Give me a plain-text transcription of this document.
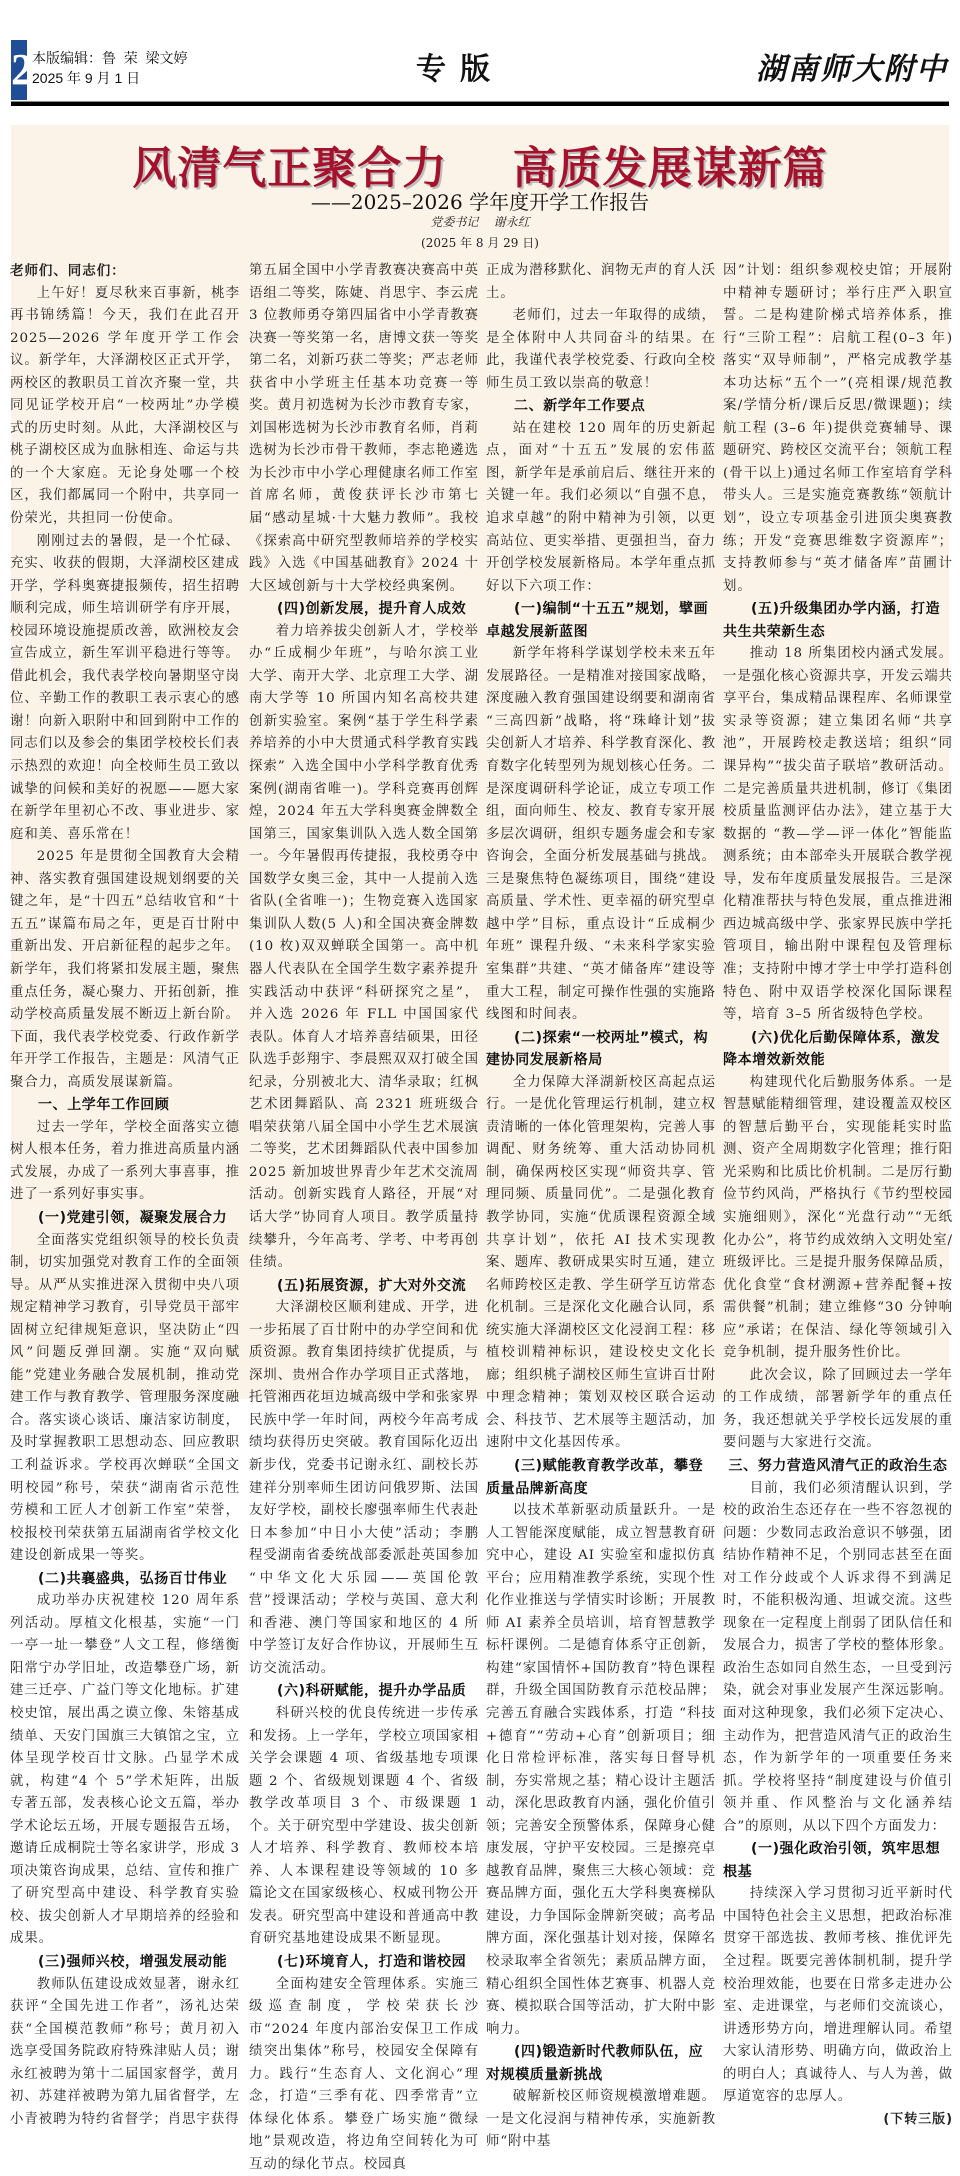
2 本版编辑：鲁  荣  梁文婷
2025 年 9 月 1 日	专版	湖南师大附中
风清气正聚合力    高质发展谋新篇
——2025–2026 学年度开学工作报告
党委书记    谢永红
(2025 年 8 月 29 日)

老师们、同志们：

上午好！夏尽秋来百事新，桃李再书锦绣篇！今天，我们在此召开 2025—2026 学年度开学工作会议。新学年，大泽湖校区正式开学，两校区的教职员工首次齐聚一堂，共同见证学校开启“一校两址”办学模式的历史时刻。从此，大泽湖校区与桃子湖校区成为血脉相连、命运与共的一个大家庭。无论身处哪一个校区，我们都属同一个附中，共享同一份荣光，共担同一份使命。

刚刚过去的暑假，是一个忙碌、充实、收获的假期，大泽湖校区建成开学，学科奥赛捷报频传，招生招聘顺利完成，师生培训研学有序开展，校园环境设施提质改善，欧洲校友会宣告成立，新生军训平稳进行等等。借此机会，我代表学校向暑期坚守岗位、辛勤工作的教职工表示衷心的感谢！向新入职附中和回到附中工作的同志们以及参会的集团学校校长们表示热烈的欢迎！向全校师生员工致以诚挚的问候和美好的祝愿——愿大家在新学年里初心不改、事业进步、家庭和美、喜乐常在！

2025 年是贯彻全国教育大会精神、落实教育强国建设规划纲要的关键之年，是“十四五”总结收官和“十五五”谋篇布局之年，更是百廿附中重新出发、开启新征程的起步之年。新学年，我们将紧扣发展主题，聚焦重点任务，凝心聚力、开拓创新，推动学校高质量发展不断迈上新台阶。下面，我代表学校党委、行政作新学年开学工作报告，主题是：风清气正聚合力，高质发展谋新篇。

一、上学年工作回顾

过去一学年，学校全面落实立德树人根本任务，着力推进高质量内涵式发展，办成了一系列大事喜事，推进了一系列好事实事。

(一)党建引领，凝聚发展合力

全面落实党组织领导的校长负责制，切实加强党对教育工作的全面领导。从严从实推进深入贯彻中央八项规定精神学习教育，引导党员干部牢固树立纪律规矩意识，坚决防止“四风”问题反弹回潮。实施“双向赋能”党建业务融合发展机制，推动党建工作与教育教学、管理服务深度融合。落实谈心谈话、廉洁家访制度，及时掌握教职工思想动态、回应教职工利益诉求。学校再次蝉联“全国文明校园”称号，荣获“湖南省示范性劳模和工匠人才创新工作室”荣誉，校报校刊荣获第五届湖南省学校文化建设创新成果一等奖。

(二)共襄盛典，弘扬百廿伟业

成功举办庆祝建校 120 周年系列活动。厚植文化根基，实施“一门一亭一址一攀登”人文工程，修缮衡阳常宁办学旧址，改造攀登广场，新建三迁亭、广益门等文化地标。扩建校史馆，展出禹之谟立像、朱镕基成绩单、天安门国旗三大镇馆之宝，立体呈现学校百廿文脉。凸显学术成就，构建“4 个 5”学术矩阵，出版专著五部，发表核心论文五篇，举办学术论坛五场，开展专题报告五场，邀请丘成桐院士等名家讲学，形成 3 项决策咨询成果，总结、宣传和推广了研究型高中建设、科学教育实验校、拔尖创新人才早期培养的经验和成果。

(三)强师兴校，增强发展动能

教师队伍建设成效显著，谢永红获评“全国先进工作者”，汤礼达荣获“全国模范教师”称号；黄月初入选享受国务院政府特殊津贴人员；谢永红被聘为第十二届国家督学，黄月初、苏建祥被聘为第九届省督学，左小青被聘为特约省督学；肖思宇获得

第五届全国中小学青教赛决赛高中英语组二等奖，陈婕、肖思宇、李云虎 3 位教师勇夺第四届省中小学青教赛决赛一等奖第一名，唐博文获一等奖第二名，刘新巧获二等奖；严志老师获省中小学班主任基本功竞赛一等奖。黄月初选树为长沙市教育专家，刘国彬选树为长沙市教育名师，肖莉选树为长沙市骨干教师，李志艳遴选为长沙市中小学心理健康名师工作室首席名师，黄俊获评长沙市第七届“感动星城·十大魅力教师”。我校《探索高中研究型教师培养的学校实践》入选《中国基础教育》2024 十大区域创新与十大学校经典案例。

(四)创新发展，提升育人成效

着力培养拔尖创新人才，学校举办“丘成桐少年班”，与哈尔滨工业大学、南开大学、北京理工大学、湖南大学等 10 所国内知名高校共建创新实验室。案例“基于学生科学素养培养的小中大贯通式科学教育实践探索” 入选全国中小学科学教育优秀案例(湖南省唯一)。学科竞赛再创辉煌，2024 年五大学科奥赛金牌数全国第三，国家集训队入选人数全国第一。今年暑假再传捷报，我校勇夺中国数学女奥三金，其中一人提前入选省队(全省唯一)；生物竞赛入选国家集训队人数(5 人)和全国决赛金牌数(10 枚)双双蝉联全国第一。高中机器人代表队在全国学生数字素养提升实践活动中获评“科研探究之星”，并入选 2026 年 FLL 中国国家代表队。体育人才培养喜结硕果，田径队选手彭翔宇、李晨熙双双打破全国纪录，分别被北大、清华录取；红枫艺术团舞蹈队、高 2321 班班级合唱荣获第八届全国中小学生艺术展演二等奖，艺术团舞蹈队代表中国参加 2025 新加坡世界青少年艺术交流周活动。创新实践育人路径，开展“对话大学”协同育人项目。教学质量持续攀升，今年高考、学考、中考再创佳绩。

(五)拓展资源，扩大对外交流

大泽湖校区顺利建成、开学，进一步拓展了百廿附中的办学空间和优质资源。教育集团持续扩优提质，与深圳、贵州合作办学项目正式落地，托管湘西花垣边城高级中学和张家界民族中学一年时间，两校今年高考成绩均获得历史突破。教育国际化迈出新步伐，党委书记谢永红、副校长苏建祥分别率师生团访问俄罗斯、法国友好学校，副校长廖强率师生代表赴日本参加“中日小大使”活动；李鹏程受湖南省委统战部委派赴英国参加 “中华文化大乐园——英国伦敦营”授课活动；学校与英国、意大利和香港、澳门等国家和地区的 4 所中学签订友好合作协议，开展师生互访交流活动。

(六)科研赋能，提升办学品质

科研兴校的优良传统进一步传承和发扬。上一学年，学校立项国家相关学会课题 4 项、省级基地专项课题 2 个、省级规划课题 4 个、省级教学改革项目 3 个、市级课题 1 个。关于研究型中学建设、拔尖创新人才培养、科学教育、教师校本培养、人本课程建设等领域的 10 多篇论文在国家级核心、权威刊物公开发表。研究型高中建设和普通高中教育研究基地建设成果不断显现。

(七)环境育人，打造和谐校园

全面构建安全管理体系。实施三级巡查制度，学校荣获长沙市“2024 年度内部治安保卫工作成绩突出集体”称号，校园安全保障有力。践行“生态育人、文化润心”理念，打造“三季有花、四季常青”立体绿化体系。攀登广场实施“微绿地”景观改造，将边角空间转化为可互动的绿化节点。校园真

正成为潜移默化、润物无声的育人沃土。

老师们，过去一年取得的成绩，是全体附中人共同奋斗的结果。在此，我谨代表学校党委、行政向全校师生员工致以崇高的敬意！

二、新学年工作要点

站在建校 120 周年的历史新起点，面对“十五五”发展的宏伟蓝图，新学年是承前启后、继往开来的关键一年。我们必须以“自强不息，追求卓越”的附中精神为引领，以更高站位、更实举措、更强担当，奋力开创学校发展新格局。本学年重点抓好以下六项工作：

(一)编制“十五五”规划，擘画卓越发展新蓝图

新学年将科学谋划学校未来五年发展路径。一是精准对接国家战略，深度融入教育强国建设纲要和湖南省 “三高四新”战略，将“珠峰计划”拔尖创新人才培养、科学教育深化、教育数字化转型列为规划核心任务。二是深度调研科学论证，成立专项工作组，面向师生、校友、教育专家开展多层次调研，组织专题务虚会和专家咨询会，全面分析发展基础与挑战。三是聚焦特色凝练项目，围绕“建设高质量、学术性、更幸福的研究型卓越中学”目标，重点设计“丘成桐少年班” 课程升级、“未来科学家实验室集群”共建、“英才储备库”建设等重大工程，制定可操作性强的实施路线图和时间表。

(二)探索“一校两址”模式，构建协同发展新格局

全力保障大泽湖新校区高起点运行。一是优化管理运行机制，建立权责清晰的一体化管理架构，完善人事调配、财务统筹、重大活动协同机制，确保两校区实现“师资共享、管理同频、质量同优”。二是强化教育教学协同，实施“优质课程资源全域共享计划”，依托 AI 技术实现教案、题库、教研成果实时互通，建立名师跨校区走教、学生研学互访常态化机制。三是深化文化融合认同，系统实施大泽湖校区文化浸润工程：移植校训精神标识，建设校史文化长廊；组织桃子湖校区师生宣讲百廿附中理念精神；策划双校区联合运动会、科技节、艺术展等主题活动，加速附中文化基因传承。

(三)赋能教育教学改革，攀登质量品牌新高度

以技术革新驱动质量跃升。一是人工智能深度赋能，成立智慧教育研究中心，建设 AI 实验室和虚拟仿真平台；应用精准教学系统，实现个性化作业推送与学情实时诊断；开展教师 AI 素养全员培训，培育智慧教学标杆课例。二是德育体系守正创新，构建“家国情怀+国防教育”特色课程群，升级全国国防教育示范校品牌；完善五育融合实践体系，打造 “科技+德育”“劳动+心育”创新项目；细化日常检评标准，落实每日督导机制，夯实常规之基；精心设计主题活动，深化思政教育内涵，强化价值引领；完善安全预警体系，保障身心健康发展，守护平安校园。三是擦亮卓越教育品牌，聚焦三大核心领域：竞赛品牌方面，强化五大学科奥赛梯队建设，力争国际金牌新突破；高考品牌方面，深化强基计划对接，保障名校录取率全省领先；素质品牌方面，精心组织全国性体艺赛事、机器人竞赛、模拟联合国等活动，扩大附中影响力。

(四)锻造新时代教师队伍，应对规模质量新挑战

破解新校区师资规模激增难题。一是文化浸润与精神传承，实施新教师“附中基

因”计划：组织参观校史馆；开展附中精神专题研讨；举行庄严入职宣誓。二是构建阶梯式培养体系，推行“三阶工程”：启航工程(0–3 年)落实“双导师制”，严格完成教学基本功达标“五个一”(亮相课/规范教案/学情分析/课后反思/微课题)；续航工程 (3–6 年)提供竞赛辅导、课题研究、跨校区交流平台；领航工程(骨干以上)通过名师工作室培育学科带头人。三是实施竞赛教练“领航计划”，设立专项基金引进顶尖奥赛教练；开发“竞赛思维数字资源库”；支持教师参与“英才储备库”苗圃计划。

(五)升级集团办学内涵，打造共生共荣新生态

推动 18 所集团校内涵式发展。一是强化核心资源共享，开发云端共享平台，集成精品课程库、名师课堂实录等资源；建立集团名师“共享池”，开展跨校走教送培；组织“同课异构”“拔尖苗子联培”教研活动。二是完善质量共进机制，修订《集团校质量监测评估办法》，建立基于大数据的 “教—学—评一体化”智能监测系统；由本部牵头开展联合教学视导，发布年度质量发展报告。三是深化精准帮扶与特色发展，重点推进湘西边城高级中学、张家界民族中学托管项目，输出附中课程包及管理标准；支持附中博才学士中学打造科创特色、附中双语学校深化国际课程等，培育 3–5 所省级特色学校。

(六)优化后勤保障体系，激发降本增效新效能

构建现代化后勤服务体系。一是智慧赋能精细管理，建设覆盖双校区的智慧后勤平台，实现能耗实时监测、资产全周期数字化管理；推行阳光采购和比质比价机制。二是厉行勤俭节约风尚，严格执行《节约型校园实施细则》，深化“光盘行动”“无纸化办公”，将节约成效纳入文明处室/班级评比。三是提升服务保障品质，优化食堂“食材溯源+营养配餐+按需供餐”机制；建立维修“30 分钟响应”承诺；在保洁、绿化等领域引入竞争机制，提升服务性价比。

此次会议，除了回顾过去一学年的工作成绩，部署新学年的重点任务，我还想就关乎学校长远发展的重要问题与大家进行交流。

三、努力营造风清气正的政治生态

目前，我们必须清醒认识到，学校的政治生态还存在一些不容忽视的问题：少数同志政治意识不够强，团结协作精神不足，个别同志甚至在面对工作分歧或个人诉求得不到满足时，不能积极沟通、坦诚交流。这些现象在一定程度上削弱了团队信任和发展合力，损害了学校的整体形象。政治生态如同自然生态，一旦受到污染，就会对事业发展产生深远影响。面对这种现象，我们必须下定决心、主动作为，把营造风清气正的政治生态，作为新学年的一项重要任务来抓。学校将坚持“制度建设与价值引领并重、作风整治与文化涵养结合”的原则，从以下四个方面发力：

(一)强化政治引领，筑牢思想根基

持续深入学习贯彻习近平新时代中国特色社会主义思想，把政治标准贯穿干部选拔、教师考核、推优评先全过程。既要完善体制机制，提升学校治理效能，也要在日常多走进办公室、走进课堂，与老师们交流谈心，讲透形势方向，增进理解认同。希望大家认清形势、明确方向，做政治上的明白人；真诚待人、与人为善，做厚道宽容的忠厚人。

(下转三版)
